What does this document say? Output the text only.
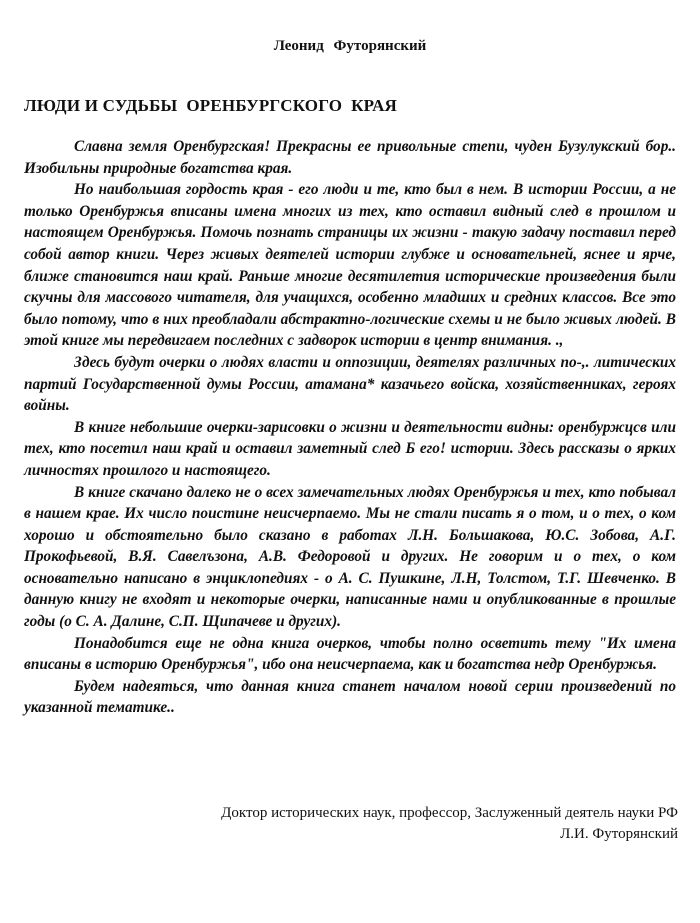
Леонид Футорянский
ЛЮДИ И СУДЬБЫ  ОРЕНБУРГСКОГО  КРАЯ

Славна земля Оренбургская! Прекрасны ее привольные степи, чуден Бузулукский бор.. Изобильны природные богатства края.

Но наибольшая гордость края - его люди и те, кто был в нем. В истории России, а не только Оренбуржья вписаны имена многих из тех, кто оставил видный след в прошлом и настоящем Оренбуржья. Помочь познать страницы их жизни - такую задачу поставил перед собой автор книги. Через живых деятелей истории глубже и основательней, яснее и ярче, ближе становится наш край. Раньше многие десятилетия исторические произведения были скучны для массового читателя, для учащихся, особенно младших и средних классов. Все это было потому, что в них преобладали абстрактно-логические схемы и не было живых людей. В этой книге мы передвигаем последних с задворок истории в центр внимания. .,

Здесь будут очерки о людях власти и оппозиции, деятелях различных по-,. литических партий Государственной думы России, атамана* казачьего войска, хозяйственниках, героях войны.

В книге небольшие очерки-зарисовки о жизни и деятельности видны: оренбуржцсв или тех, кто посетил наш край и оставил заметный след Б его! истории. Здесь рассказы о ярких личностях прошлого и настоящего.

В книге скачано далеко не о всех замечательных людях Оренбуржья и тех, кто побывал в нашем крае. Их число поистине неисчерпаемо. Мы не стали писать я о том, и о тех, о ком хорошо и обстоятельно было сказано в работах Л.Н. Большакова, Ю.С. Зобова, А.Г. Прокофьевой, В.Я. Савелъзона, А.В. Федоровой и других. Не говорим и о тех, о ком основательно написано в энциклопедиях - о А. С. Пушкине, Л.Н, Толстом, Т.Г. Шевченко. В данную книгу не входят и некоторые очерки, написанные нами и опубликованные в прошлые годы (о С. А. Далине, С.П. Щипачеве и других).

Понадобится еще не одна книга очерков, чтобы полно осветить тему "Их имена вписаны в историю Оренбуржья", ибо она неисчерпаема, как и богатства недр Оренбуржья.

Будем надеяться, что данная книга станет началом новой серии произведений по указанной тематике..

Доктор исторических наук, профессор, Заслуженный деятель науки РФ
Л.И. Футорянский
